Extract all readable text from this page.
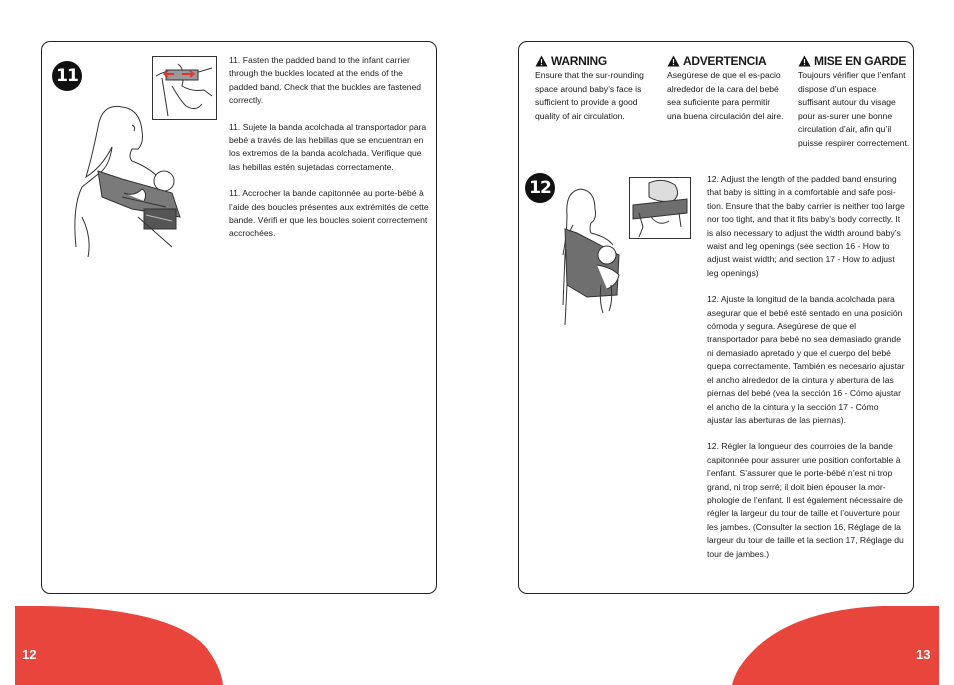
11

11. Fasten the padded band to the infant carrier through the buckles located at the ends of the padded band. Check that the buckles are fastened correctly.

11. Sujete la banda acolchada al transportador para bebé a través de las hebillas que se encuentran en los extremos de la banda acolchada. Verifique que las hebillas estén sujetadas correctamente.

11. Accrocher la bande capitonnée au porte-bébé à l’aide des boucles présentes aux extrémités de cette bande. Vérifi er que les boucles soient correctement accrochées.

WARNING
Ensure that the sur-rounding space around baby’s face is sufficient to provide a good quality of air circulation.
ADVERTENCIA
Asegúrese de que el es-pacio alrededor de la cara del bebé sea suficiente para permitir una buena circulación del aire.
MISE EN GARDE
Toujours vérifier que l’enfant dispose d’un espace suffisant autour du visage pour as-surer une bonne circulation d’air, afin qu’il puisse respirer correctement.
12	12. Adjust the length of the padded band ensuring that baby is sitting in a comfortable and safe posi-tion. Ensure that the baby carrier is neither too large nor too tight, and that it fits baby’s body correctly. It is also necessary to adjust the width around baby’s waist and leg openings (see section 16 - How to adjust waist width; and section 17 - How to adjust leg openings)

12. Ajuste la longitud de la banda acolchada para asegurar que el bebé esté sentado en una posición cómoda y segura. Asegúrese de que el transportador para bebé no sea demasiado grande ni demasiado apretado y que el cuerpo del bebé quepa correctamente. También es necesario ajustar el ancho alrededor de la cintura y abertura de las piernas del bebé (vea la sección 16 - Cómo ajustar el ancho de la cintura y la sección 17 - Cómo ajustar las aberturas de las piernas).

12. Régler la longueur des courroies de la bande capitonnée pour assurer une position confortable à l’enfant. S’assurer que le porte-bébé n’est ni trop grand, ni trop serré; il doit bien épouser la mor-phologie de l’enfant. Il est également nécessaire de régler la largeur du tour de taille et l’ouverture pour les jambes. (Consulter la section 16, Réglage de la largeur du tour de taille et la section 17, Réglage du tour de jambes.)

12	13
